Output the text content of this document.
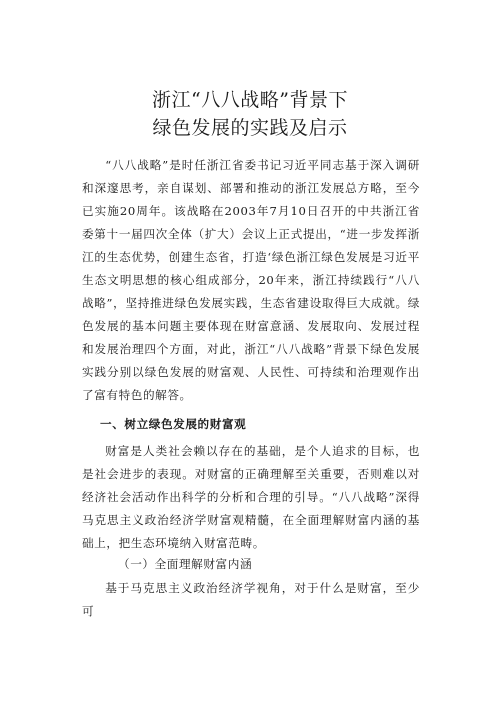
浙江“八八战略”背景下
绿色发展的实践及启示

“八八战略”是时任浙江省委书记习近平同志基于深入调研和深邃思考，亲自谋划、部署和推动的浙江发展总方略，至今已实施20周年。该战略在2003年7月10日召开的中共浙江省委第十一届四次全体（扩大）会议上正式提出，“进一步发挥浙江的生态优势，创建生态省，打造‘绿色浙江绿色发展是习近平生态文明思想的核心组成部分，20年来，浙江持续践行“八八战略”，坚持推进绿色发展实践，生态省建设取得巨大成就。绿色发展的基本问题主要体现在财富意涵、发展取向、发展过程和发展治理四个方面，对此，浙江“八八战略”背景下绿色发展实践分别以绿色发展的财富观、人民性、可持续和治理观作出了富有特色的解答。

一、树立绿色发展的财富观

财富是人类社会赖以存在的基础，是个人追求的目标，也是社会进步的表现。对财富的正确理解至关重要，否则难以对经济社会活动作出科学的分析和合理的引导。“八八战略”深得马克思主义政治经济学财富观精髓，在全面理解财富内涵的基础上，把生态环境纳入财富范畴。

（一）全面理解财富内涵

基于马克思主义政治经济学视角，对于什么是财富，至少可
